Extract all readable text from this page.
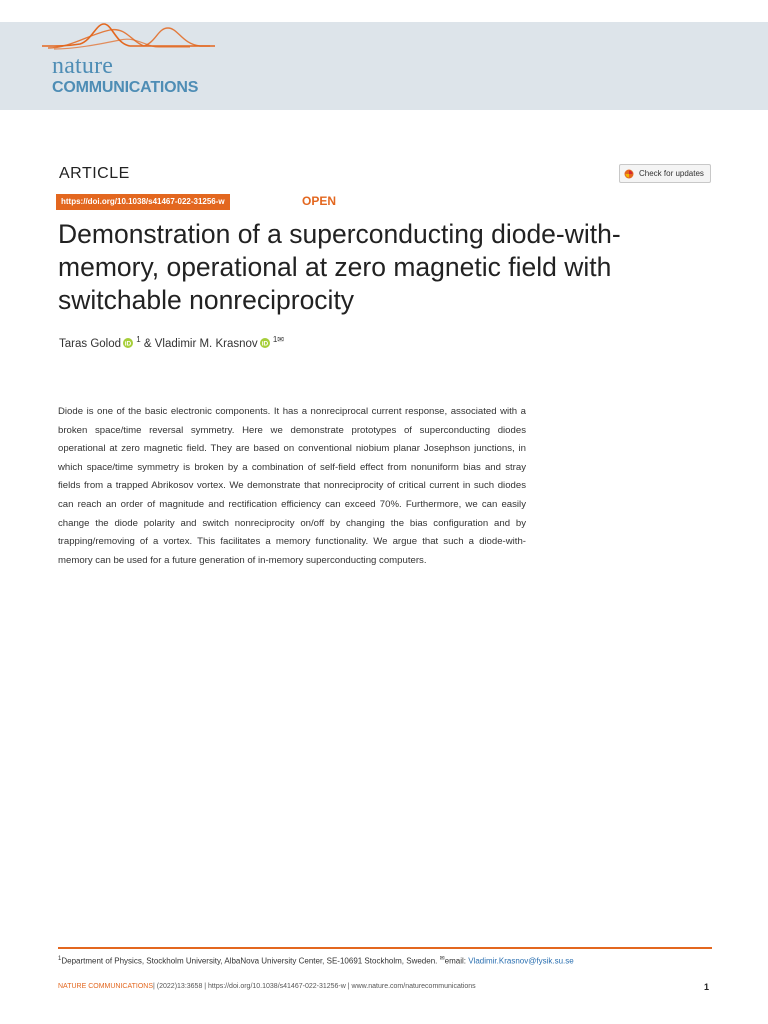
nature
COMMUNICATIONS
ARTICLE	Check for updates
https://doi.org/10.1038/s41467-022-31256-w	OPEN
Demonstration of a superconducting diode-with-memory, operational at zero magnetic field with switchable nonreciprocity
Taras Golod iD $^1$ & Vladimir M. Krasnov iD $^{1✉}$

Diode is one of the basic electronic components. It has a nonreciprocal current response, associated with a broken space/time reversal symmetry. Here we demonstrate prototypes of superconducting diodes operational at zero magnetic field. They are based on conventional niobium planar Josephson junctions, in which space/time symmetry is broken by a combination of self-field effect from nonuniform bias and stray fields from a trapped Abrikosov vortex. We demonstrate that nonreciprocity of critical current in such diodes can reach an order of magnitude and rectification efficiency can exceed 70%. Furthermore, we can easily change the diode polarity and switch nonreciprocity on/off by changing the bias configuration and by trapping/removing of a vortex. This facilitates a memory functionality. We argue that such a diode-with-memory can be used for a future generation of in-memory superconducting computers.

$^1$Department of Physics, Stockholm University, AlbaNova University Center, SE-10691 Stockholm, Sweden. ✉email: Vladimir.Krasnov@fysik.su.se
NATURE COMMUNICATIONS| (2022)13:3658 | https://doi.org/10.1038/s41467-022-31256-w | www.nature.com/naturecommunications	1
